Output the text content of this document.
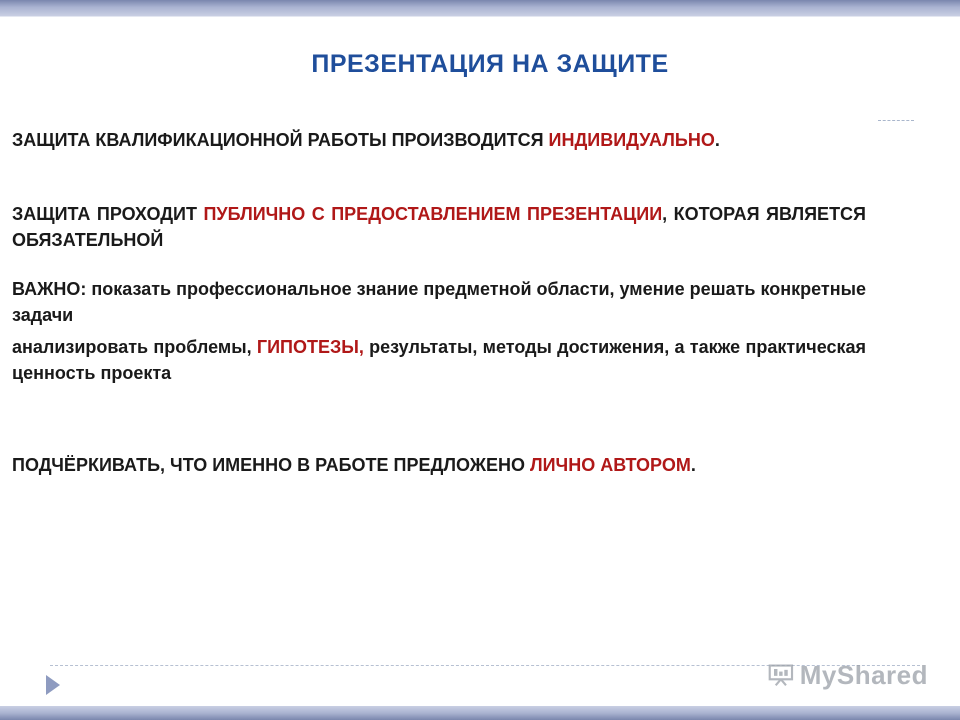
ПРЕЗЕНТАЦИЯ НА ЗАЩИТЕ
ЗАЩИТА КВАЛИФИКАЦИОННОЙ РАБОТЫ ПРОИЗВОДИТСЯ ИНДИВИДУАЛЬНО.
ЗАЩИТА ПРОХОДИТ ПУБЛИЧНО С ПРЕДОСТАВЛЕНИЕМ ПРЕЗЕНТАЦИИ, КОТОРАЯ ЯВЛЯЕТСЯ ОБЯЗАТЕЛЬНОЙ
ВАЖНО: показать профессиональное знание предметной области, умение решать конкретные задачи
анализировать проблемы, ГИПОТЕЗЫ, результаты, методы достижения, а также практическая ценность проекта
ПОДЧЁРКИВАТЬ, ЧТО ИМЕННО В РАБОТЕ ПРЕДЛОЖЕНО ЛИЧНО АВТОРОМ.
MyShared
